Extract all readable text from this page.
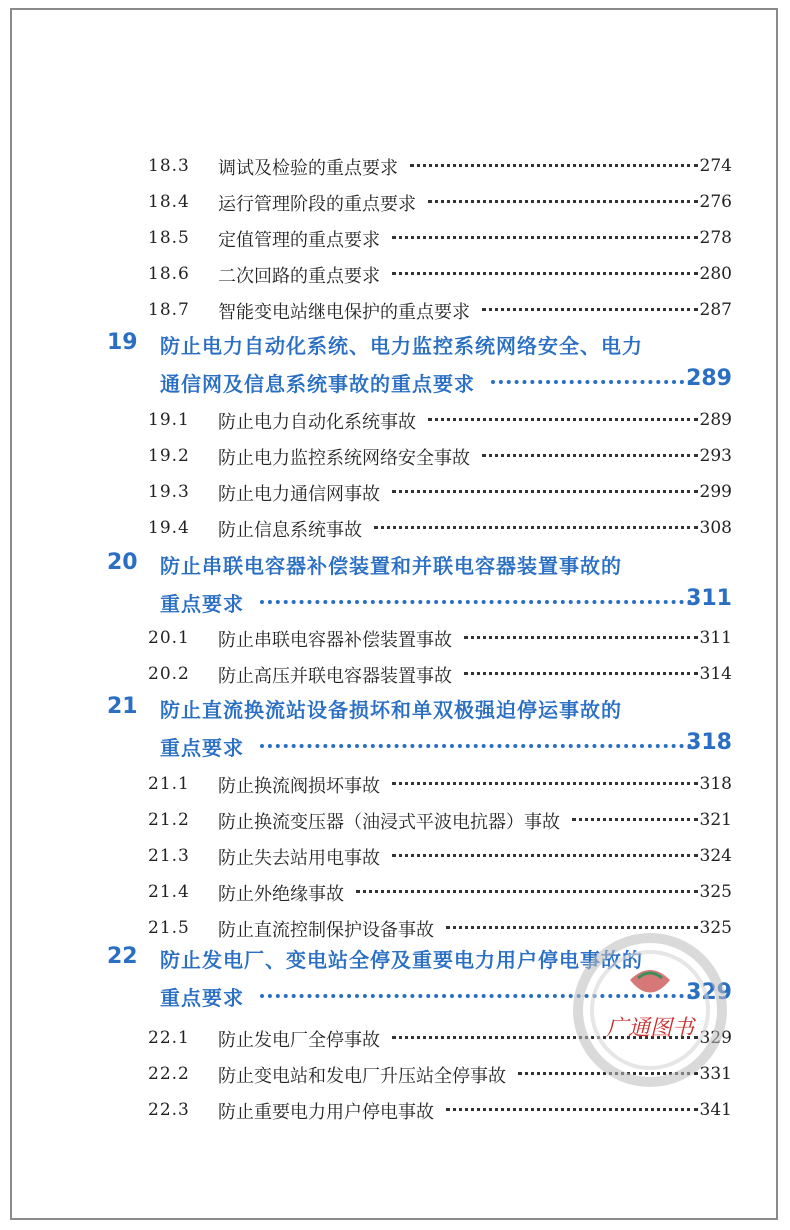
18.3 调试及检验的重点要求	274
18.4 运行管理阶段的重点要求	276
18.5 定值管理的重点要求	278
18.6 二次回路的重点要求	280
18.7 智能变电站继电保护的重点要求	287
19 防止电力自动化系统、电力监控系统网络安全、电力
通信网及信息系统事故的重点要求	289
19.1 防止电力自动化系统事故	289
19.2 防止电力监控系统网络安全事故	293
19.3 防止电力通信网事故	299
19.4 防止信息系统事故	308
20 防止串联电容器补偿装置和并联电容器装置事故的
重点要求	311
20.1 防止串联电容器补偿装置事故	311
20.2 防止高压并联电容器装置事故	314
21 防止直流换流站设备损坏和单双极强迫停运事故的
重点要求	318
21.1 防止换流阀损坏事故	318
21.2 防止换流变压器（油浸式平波电抗器）事故	321
21.3 防止失去站用电事故	324
21.4 防止外绝缘事故	325
21.5 防止直流控制保护设备事故	325
22 防止发电厂、变电站全停及重要电力用户停电事故的
重点要求	329
22.1 防止发电厂全停事故	329
22.2 防止变电站和发电厂升压站全停事故	331
22.3 防止重要电力用户停电事故	341
广通图书
